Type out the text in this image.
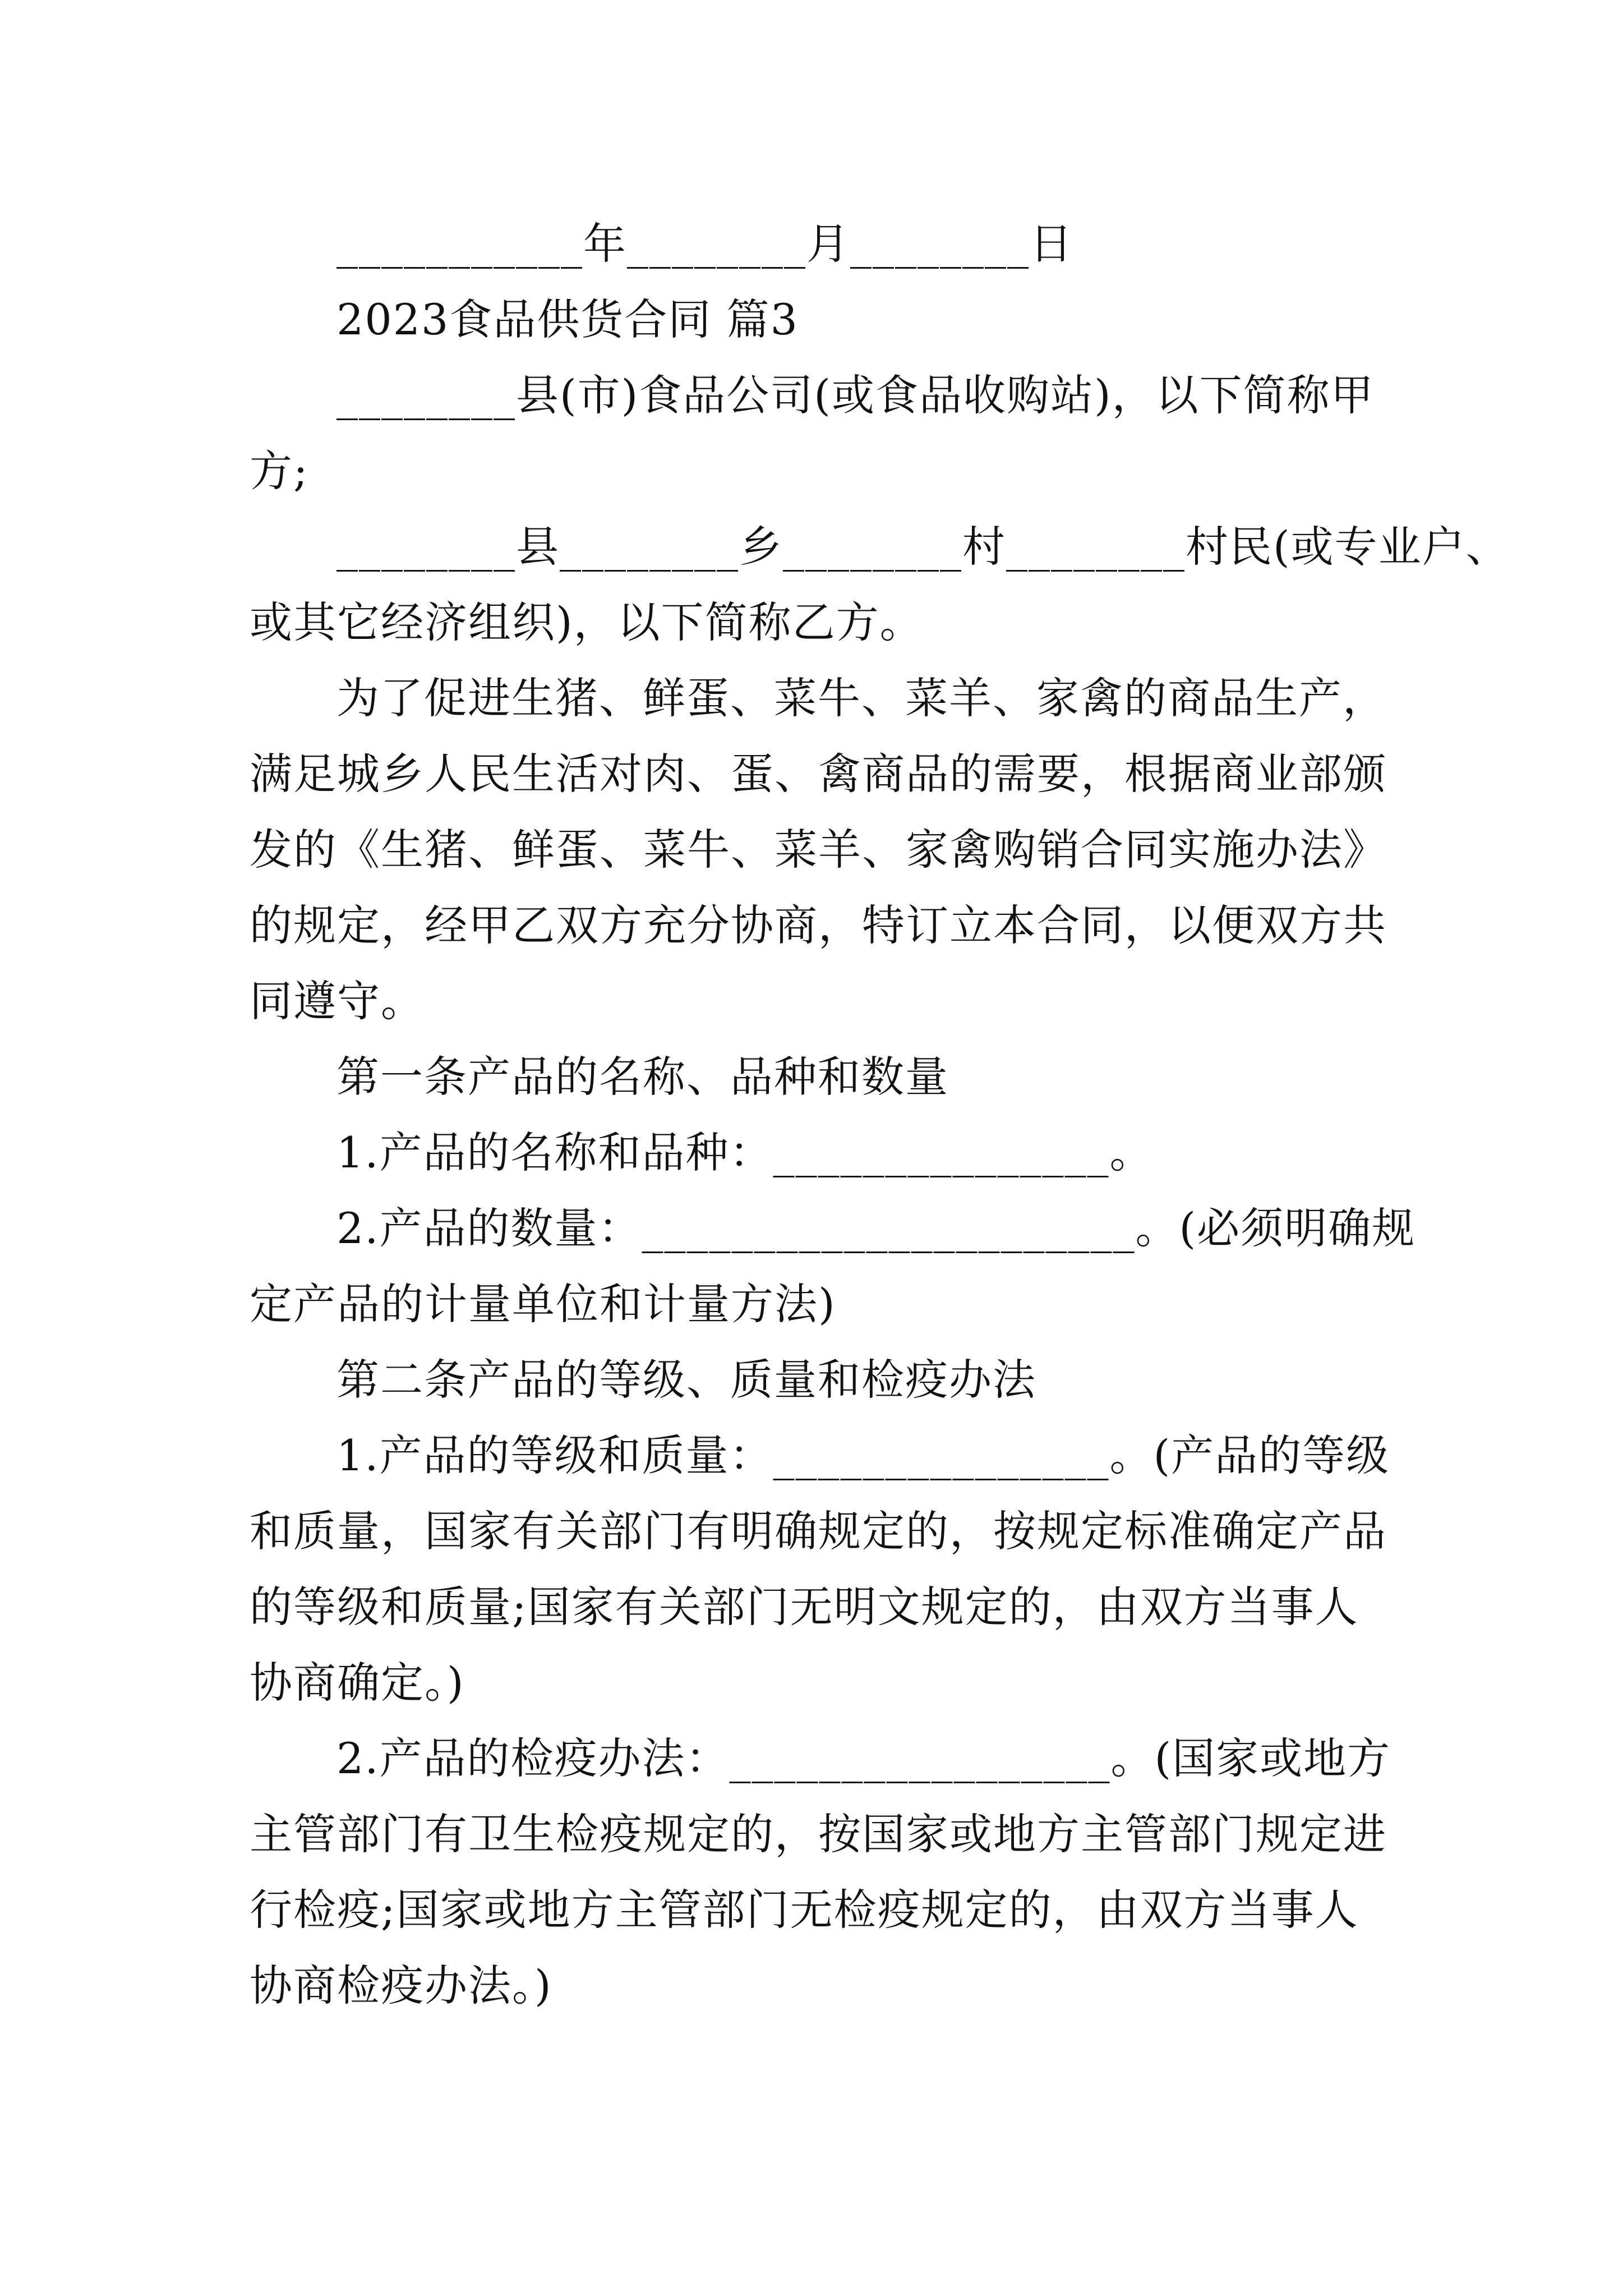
___________年________月________日
2023食品供货合同 篇3
________县(市)食品公司(或食品收购站)，以下简称甲
方;
________县________乡________村________村民(或专业户、
或其它经济组织)，以下简称乙方。
为了促进生猪、鲜蛋、菜牛、菜羊、家禽的商品生产，
满足城乡人民生活对肉、蛋、禽商品的需要，根据商业部颁
发的《生猪、鲜蛋、菜牛、菜羊、家禽购销合同实施办法》
的规定，经甲乙双方充分协商，特订立本合同，以便双方共
同遵守。
第一条产品的名称、品种和数量
1.产品的名称和品种：_______________。
2.产品的数量：______________________。(必须明确规
定产品的计量单位和计量方法)
第二条产品的等级、质量和检疫办法
1.产品的等级和质量：_______________。(产品的等级
和质量，国家有关部门有明确规定的，按规定标准确定产品
的等级和质量;国家有关部门无明文规定的，由双方当事人
协商确定。)
2.产品的检疫办法：_________________。(国家或地方
主管部门有卫生检疫规定的，按国家或地方主管部门规定进
行检疫;国家或地方主管部门无检疫规定的，由双方当事人
协商检疫办法。)
